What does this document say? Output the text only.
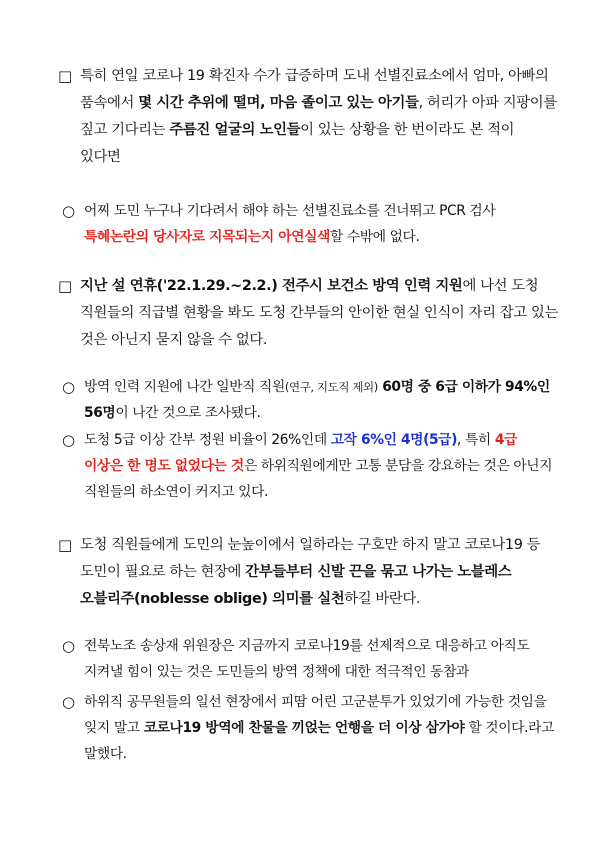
□ 특히 연일 코로나 19 확진자 수가 급증하며 도내 선별진료소에서 엄마, 아빠의 품속에서 몇 시간 추위에 떨며, 마음 졸이고 있는 아기들, 허리가 아파 지팡이를 짚고 기다리는 주름진 얼굴의 노인들이 있는 상황을 한 번이라도 본 적이 있다면
○ 어찌 도민 누구나 기다려서 해야 하는 선별진료소를 건너뛰고 PCR 검사 특혜논란의 당사자로 지목되는지 아연실색할 수밖에 없다.
□ 지난 설 연휴('22.1.29.~2.2.) 전주시 보건소 방역 인력 지원에 나선 도청 직원들의 직급별 현황을 봐도 도청 간부들의 안이한 현실 인식이 자리 잡고 있는 것은 아닌지 묻지 않을 수 없다.
○ 방역 인력 지원에 나간 일반직 직원(연구, 지도직 제외) 60명 중 6급 이하가 94%인 56명이 나간 것으로 조사됐다.
○ 도청 5급 이상 간부 정원 비율이 26%인데 고작 6%인 4명(5급), 특히 4급 이상은 한 명도 없었다는 것은 하위직원에게만 고통 분담을 강요하는 것은 아닌지 직원들의 하소연이 커지고 있다.
□ 도청 직원들에게 도민의 눈높이에서 일하라는 구호만 하지 말고 코로나19 등 도민이 필요로 하는 현장에 간부들부터 신발 끈을 묶고 나가는 노블레스 오블리주(noblesse oblige) 의미를 실천하길 바란다.
○ 전북노조 송상재 위원장은 지금까지 코로나19를 선제적으로 대응하고 아직도 지켜낼 힘이 있는 것은 도민들의 방역 정책에 대한 적극적인 동참과
○ 하위직 공무원들의 일선 현장에서 피땀 어린 고군분투가 있었기에 가능한 것임을 잊지 말고 코로나19 방역에 찬물을 끼얹는 언행을 더 이상 삼가야 할 것이다.라고 말했다.
